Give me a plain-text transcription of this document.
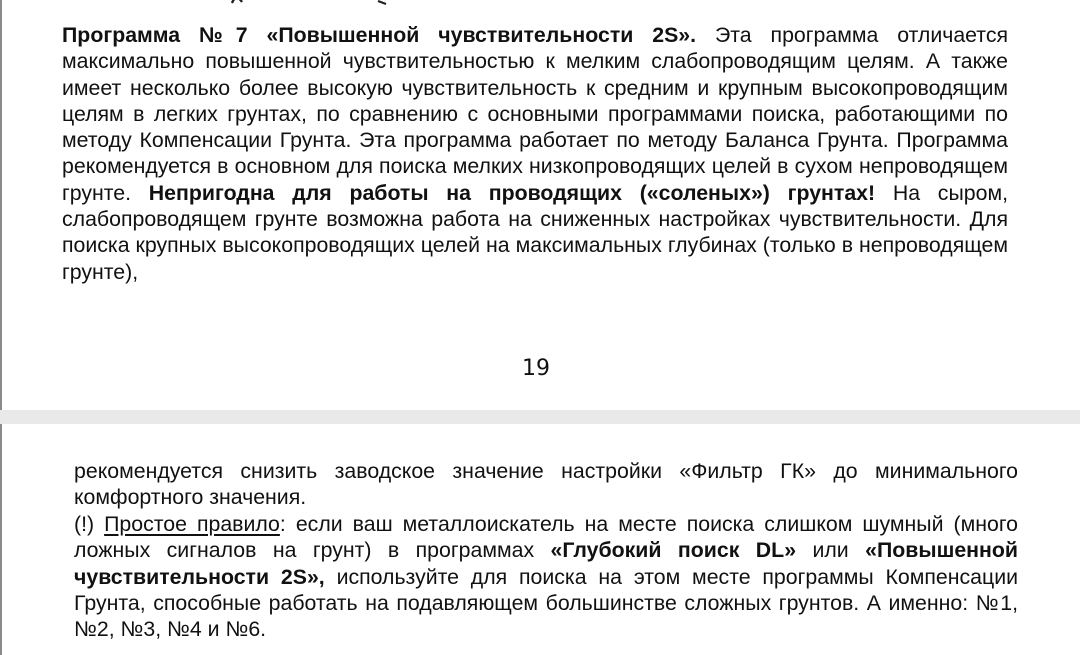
Программа №7 «Повышенной чувствительности 2S». Эта программа отличается максимально повышенной чувствительностью к мелким слабопроводящим целям. А также имеет несколько более высокую чувствительность к средним и крупным высокопроводящим целям в легких грунтах, по сравнению с основными программами поиска, работающими по методу Компенсации Грунта. Эта программа работает по методу Баланса Грунта. Программа рекомендуется в основном для поиска мелких низкопроводящих целей в сухом непроводящем грунте. Непригодна для работы на проводящих («соленых») грунтах! На сыром, слабопроводящем грунте возможна работа на сниженных настройках чувствительности. Для поиска крупных высокопроводящих целей на максимальных глубинах (только в непроводящем грунте),

19

рекомендуется снизить заводское значение настройки «Фильтр ГК» до минимального комфортного значения.

(!) Простое правило: если ваш металлоискатель на месте поиска слишком шумный (много ложных сигналов на грунт) в программах «Глубокий поиск DL» или «Повышенной чувствительности 2S», используйте для поиска на этом месте программы Компенсации Грунта, способные работать на подавляющем большинстве сложных грунтов. А именно: №1, №2, №3, №4 и №6.
